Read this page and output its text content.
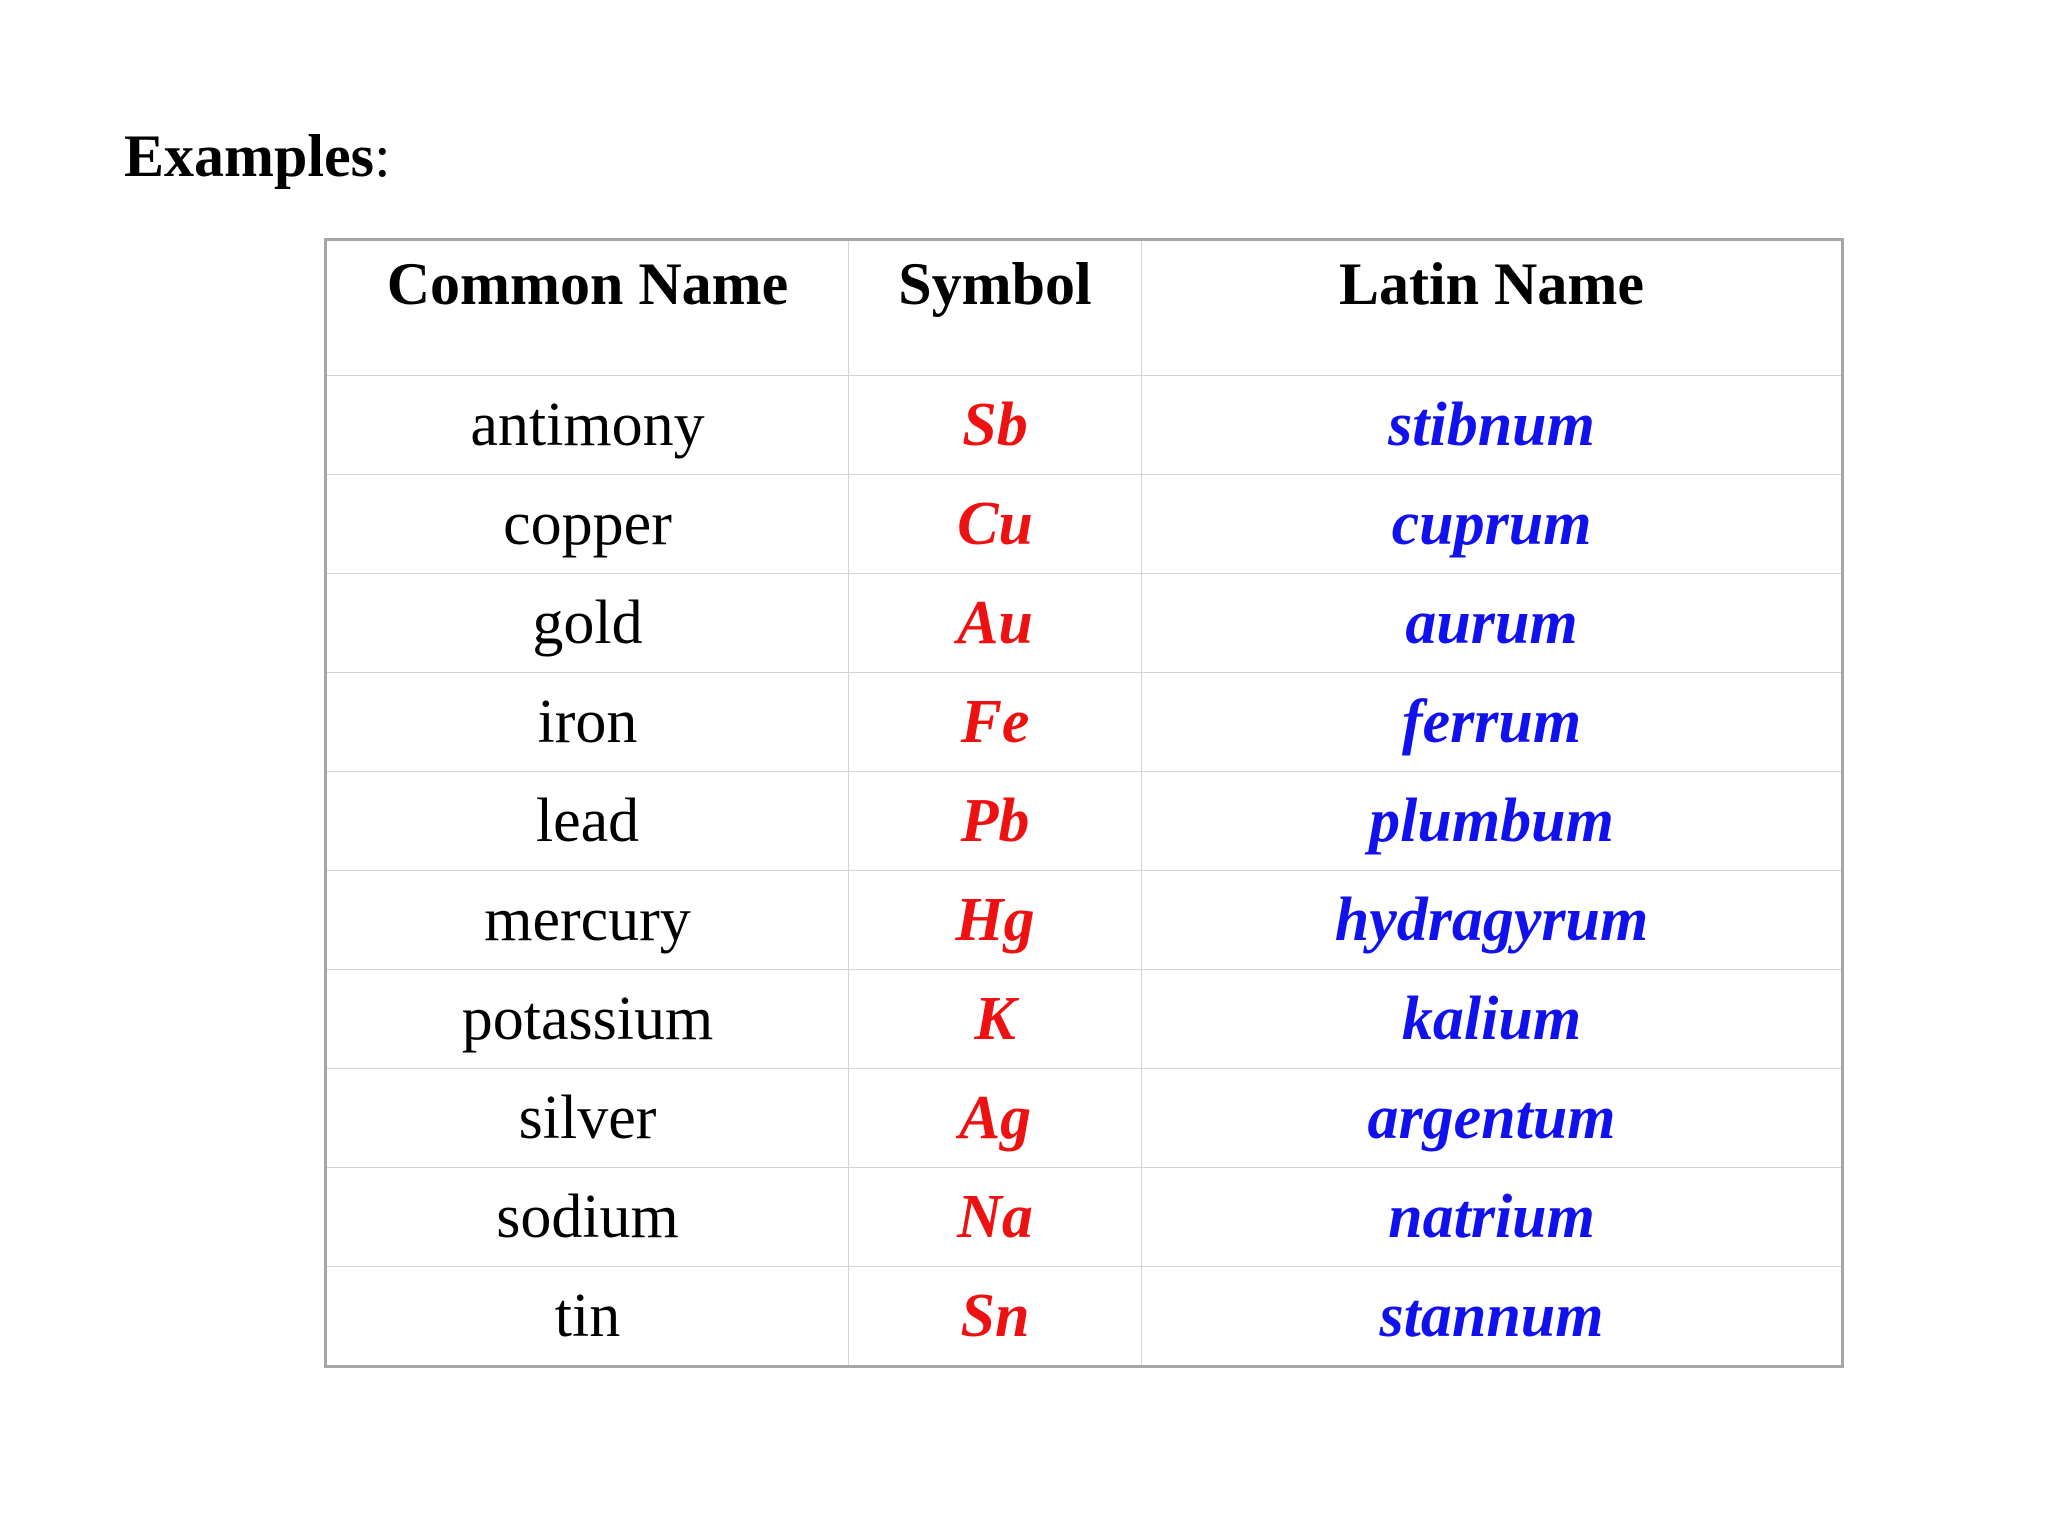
Examples:
Common Name	Symbol	Latin Name
antimony	Sb	stibnum
copper	Cu	cuprum
gold	Au	aurum
iron	Fe	ferrum
lead	Pb	plumbum
mercury	Hg	hydragyrum
potassium	K	kalium
silver	Ag	argentum
sodium	Na	natrium
tin	Sn	stannum
